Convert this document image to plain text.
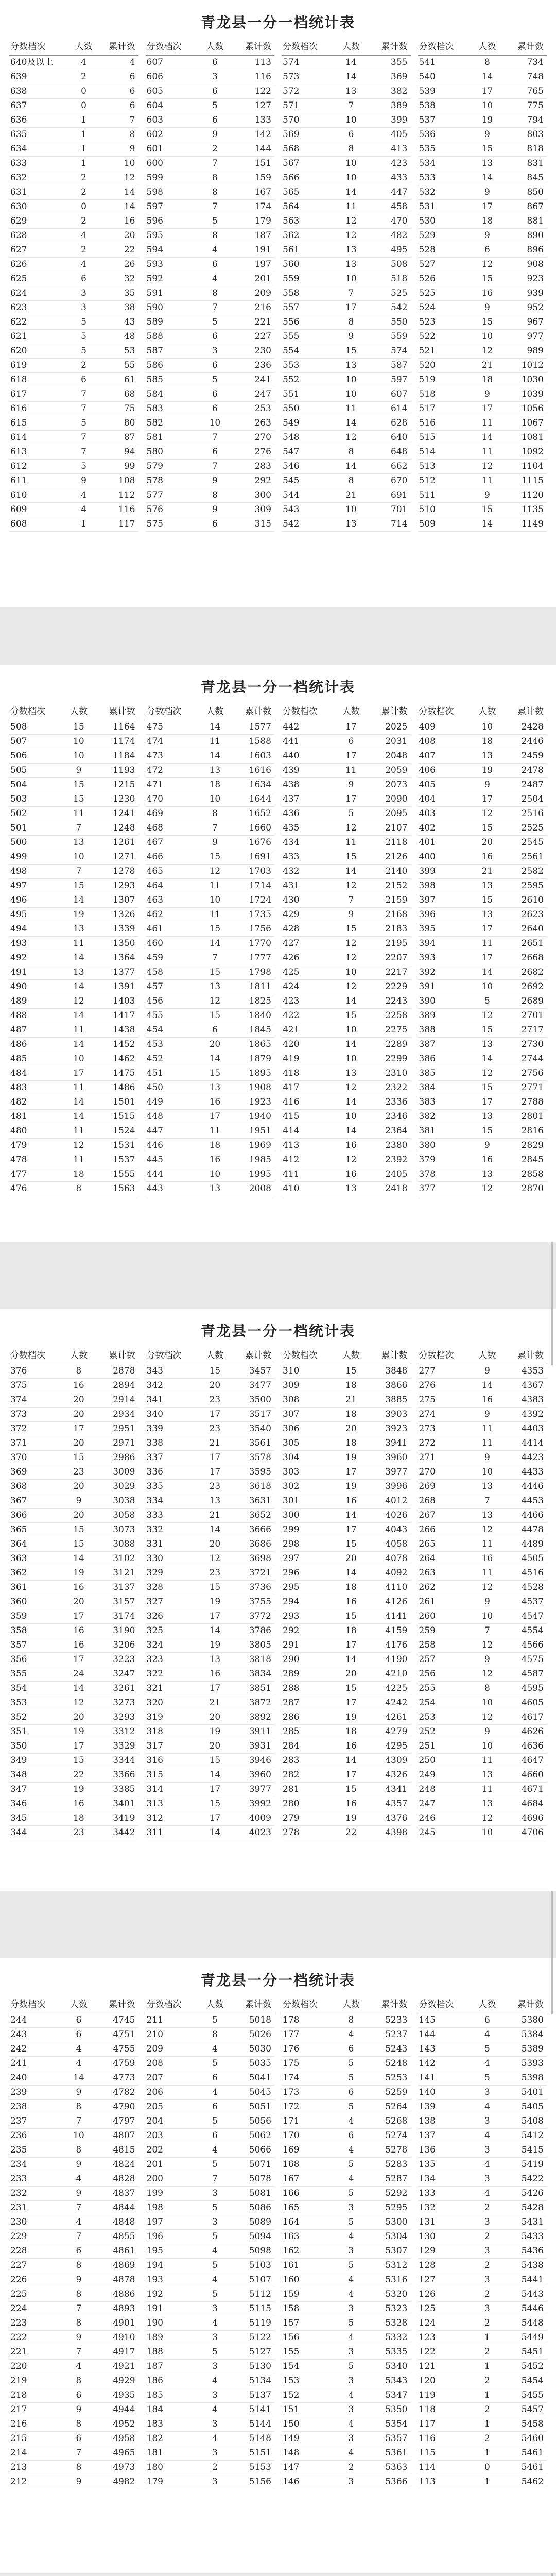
青龙县一分一档统计表
分数档次	人数	累计数
640及以上	4	4
639	2	6
638	0	6
637	0	6
636	1	7
635	1	8
634	1	9
633	1	10
632	2	12
631	2	14
630	0	14
629	2	16
628	4	20
627	2	22
626	4	26
625	6	32
624	3	35
623	3	38
622	5	43
621	5	48
620	5	53
619	2	55
618	6	61
617	7	68
616	7	75
615	5	80
614	7	87
613	7	94
612	5	99
611	9	108
610	4	112
609	4	116
608	1	117
分数档次	人数	累计数
607	6	113
606	3	116
605	6	122
604	5	127
603	6	133
602	9	142
601	2	144
600	7	151
599	8	159
598	8	167
597	7	174
596	5	179
595	8	187
594	4	191
593	6	197
592	4	201
591	8	209
590	7	216
589	5	221
588	6	227
587	3	230
586	6	236
585	5	241
584	6	247
583	6	253
582	10	263
581	7	270
580	6	276
579	7	283
578	9	292
577	8	300
576	9	309
575	6	315
分数档次	人数	累计数
574	14	355
573	14	369
572	13	382
571	7	389
570	10	399
569	6	405
568	8	413
567	10	423
566	10	433
565	14	447
564	11	458
563	12	470
562	12	482
561	13	495
560	13	508
559	10	518
558	7	525
557	17	542
556	8	550
555	9	559
554	15	574
553	13	587
552	10	597
551	10	607
550	11	614
549	14	628
548	12	640
547	8	648
546	14	662
545	8	670
544	21	691
543	10	701
542	13	714
分数档次	人数	累计数
541	8	734
540	14	748
539	17	765
538	10	775
537	19	794
536	9	803
535	15	818
534	13	831
533	14	845
532	9	850
531	17	867
530	18	881
529	9	890
528	6	896
527	12	908
526	15	923
525	16	939
524	9	952
523	15	967
522	10	977
521	12	989
520	21	1012
519	18	1030
518	9	1039
517	17	1056
516	11	1067
515	14	1081
514	11	1092
513	12	1104
512	11	1115
511	9	1120
510	15	1135
509	14	1149
青龙县一分一档统计表
分数档次	人数	累计数
508	15	1164
507	10	1174
506	10	1184
505	9	1193
504	15	1215
503	15	1230
502	11	1241
501	7	1248
500	13	1261
499	10	1271
498	7	1278
497	15	1293
496	14	1307
495	19	1326
494	13	1339
493	11	1350
492	14	1364
491	13	1377
490	14	1391
489	12	1403
488	14	1417
487	11	1438
486	14	1452
485	10	1462
484	17	1475
483	11	1486
482	14	1501
481	14	1515
480	11	1524
479	12	1531
478	11	1537
477	18	1555
476	8	1563
分数档次	人数	累计数
475	14	1577
474	11	1588
473	14	1603
472	13	1616
471	18	1634
470	10	1644
469	8	1652
468	7	1660
467	9	1676
466	15	1691
465	12	1703
464	11	1714
463	10	1724
462	11	1735
461	15	1756
460	14	1770
459	7	1777
458	15	1798
457	13	1811
456	12	1825
455	15	1840
454	6	1845
453	20	1865
452	14	1879
451	15	1895
450	13	1908
449	16	1923
448	17	1940
447	11	1951
446	18	1969
445	16	1985
444	10	1995
443	13	2008
分数档次	人数	累计数
442	17	2025
441	6	2031
440	17	2048
439	11	2059
438	9	2073
437	17	2090
436	5	2095
435	12	2107
434	11	2118
433	15	2126
432	14	2140
431	12	2152
430	7	2159
429	9	2168
428	15	2183
427	12	2195
426	12	2207
425	10	2217
424	12	2229
423	14	2243
422	15	2258
421	10	2275
420	14	2289
419	10	2299
418	13	2310
417	12	2322
416	14	2336
415	10	2346
414	14	2364
413	16	2380
412	12	2392
411	16	2405
410	13	2418
分数档次	人数	累计数
409	10	2428
408	18	2446
407	13	2459
406	19	2478
405	9	2487
404	17	2504
403	12	2516
402	15	2525
401	20	2545
400	16	2561
399	21	2582
398	13	2595
397	15	2610
396	13	2623
395	17	2640
394	11	2651
393	17	2668
392	14	2682
391	10	2692
390	5	2689
389	12	2701
388	15	2717
387	13	2730
386	14	2744
385	12	2756
384	15	2771
383	17	2788
382	13	2801
381	15	2816
380	9	2829
379	16	2845
378	13	2858
377	12	2870
青龙县一分一档统计表
分数档次	人数	累计数
376	8	2878
375	16	2894
374	20	2914
373	20	2934
372	17	2951
371	20	2971
370	15	2986
369	23	3009
368	20	3029
367	9	3038
366	20	3058
365	15	3073
364	15	3088
363	14	3102
362	19	3121
361	16	3137
360	20	3157
359	17	3174
358	16	3190
357	16	3206
356	17	3223
355	24	3247
354	14	3261
353	12	3273
352	20	3293
351	19	3312
350	17	3329
349	15	3344
348	22	3366
347	19	3385
346	16	3401
345	18	3419
344	23	3442
分数档次	人数	累计数
343	15	3457
342	20	3477
341	23	3500
340	17	3517
339	23	3540
338	21	3561
337	17	3578
336	17	3595
335	23	3618
334	13	3631
333	21	3652
332	14	3666
331	20	3686
330	12	3698
329	23	3721
328	15	3736
327	19	3755
326	17	3772
325	14	3786
324	19	3805
323	13	3818
322	16	3834
321	17	3851
320	21	3872
319	20	3892
318	19	3911
317	20	3931
316	15	3946
315	14	3960
314	17	3977
313	15	3992
312	17	4009
311	14	4023
分数档次	人数	累计数
310	15	3848
309	18	3866
308	21	3885
307	18	3903
306	20	3923
305	18	3941
304	19	3960
303	17	3977
302	19	3996
301	16	4012
300	14	4026
299	17	4043
298	15	4058
297	20	4078
296	14	4092
295	18	4110
294	16	4126
293	15	4141
292	18	4159
291	17	4176
290	14	4190
289	20	4210
288	15	4225
287	17	4242
286	19	4261
285	18	4279
284	16	4295
283	14	4309
282	17	4326
281	15	4341
280	16	4357
279	19	4376
278	22	4398
分数档次	人数	累计数
277	9	4353
276	14	4367
275	16	4383
274	9	4392
273	11	4403
272	11	4414
271	9	4423
270	10	4433
269	13	4446
268	7	4453
267	13	4466
266	12	4478
265	11	4489
264	16	4505
263	11	4516
262	12	4528
261	9	4537
260	10	4547
259	7	4554
258	12	4566
257	9	4575
256	12	4587
255	8	4595
254	10	4605
253	12	4617
252	9	4626
251	10	4636
250	11	4647
249	13	4660
248	11	4671
247	13	4684
246	12	4696
245	10	4706
青龙县一分一档统计表
分数档次	人数	累计数
244	6	4745
243	6	4751
242	4	4755
241	4	4759
240	14	4773
239	9	4782
238	8	4790
237	7	4797
236	10	4807
235	8	4815
234	9	4824
233	4	4828
232	9	4837
231	7	4844
230	4	4848
229	7	4855
228	6	4861
227	8	4869
226	9	4878
225	8	4886
224	7	4893
223	8	4901
222	9	4910
221	7	4917
220	4	4921
219	8	4929
218	6	4935
217	9	4944
216	8	4952
215	6	4958
214	7	4965
213	8	4973
212	9	4982
分数档次	人数	累计数
211	5	5018
210	8	5026
209	4	5030
208	5	5035
207	6	5041
206	4	5045
205	6	5051
204	5	5056
203	6	5062
202	4	5066
201	5	5071
200	7	5078
199	3	5081
198	5	5086
197	3	5089
196	5	5094
195	4	5098
194	5	5103
193	4	5107
192	5	5112
191	3	5115
190	4	5119
189	3	5122
188	5	5127
187	3	5130
186	4	5134
185	3	5137
184	4	5141
183	3	5144
182	4	5148
181	3	5151
180	2	5153
179	3	5156
分数档次	人数	累计数
178	8	5233
177	4	5237
176	6	5243
175	5	5248
174	5	5253
173	6	5259
172	5	5264
171	4	5268
170	6	5274
169	4	5278
168	5	5283
167	4	5287
166	5	5292
165	3	5295
164	5	5300
163	4	5304
162	3	5307
161	5	5312
160	4	5316
159	4	5320
158	3	5323
157	5	5328
156	4	5332
155	3	5335
154	5	5340
153	3	5343
152	4	5347
151	3	5350
150	4	5354
149	3	5357
148	4	5361
147	2	5363
146	3	5366
分数档次	人数	累计数
145	6	5380
144	4	5384
143	5	5389
142	4	5393
141	5	5398
140	3	5401
139	4	5405
138	3	5408
137	4	5412
136	3	5415
135	4	5419
134	3	5422
133	4	5426
132	2	5428
131	3	5431
130	2	5433
129	3	5436
128	2	5438
127	3	5441
126	2	5443
125	3	5446
124	2	5448
123	1	5449
122	2	5451
121	1	5452
120	2	5454
119	1	5455
118	2	5457
117	1	5458
116	2	5460
115	1	5461
114	0	5461
113	1	5462
